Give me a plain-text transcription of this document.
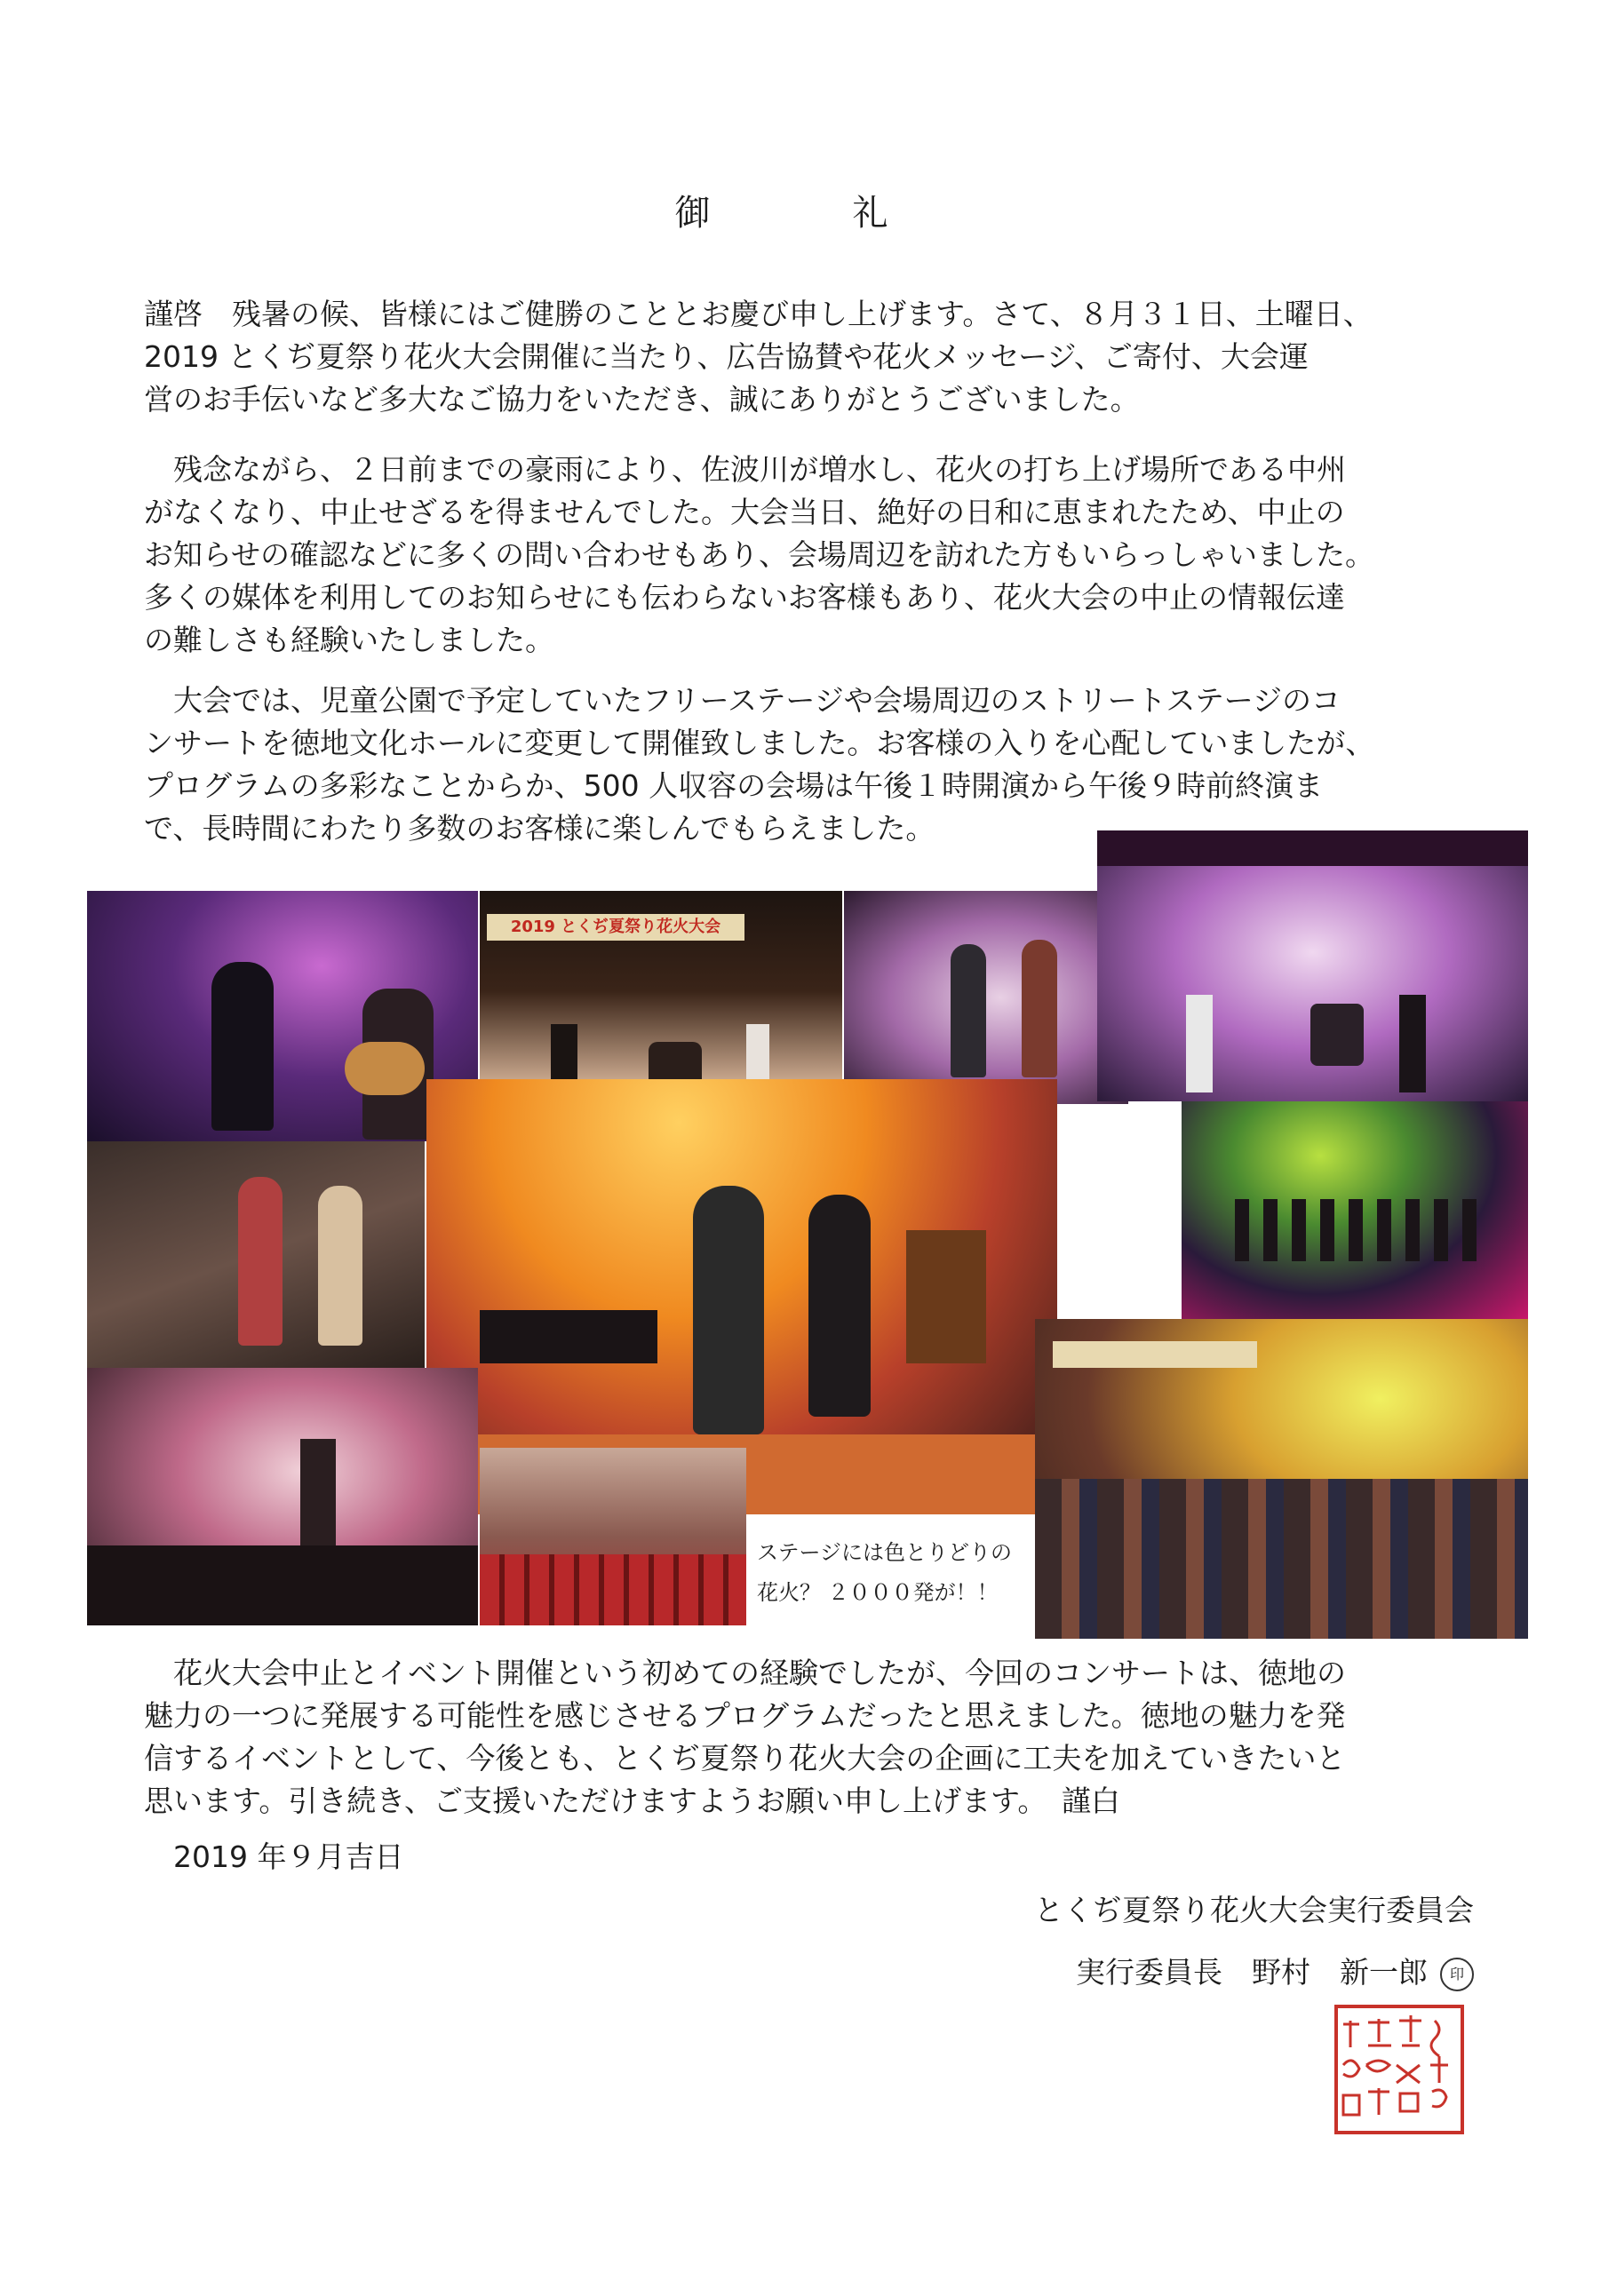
御　礼

謹啓　残暑の候、皆様にはご健勝のこととお慶び申し上げます。さて、８月３１日、土曜日、
2019 とくぢ夏祭り花火大会開催に当たり、広告協賛や花火メッセージ、ご寄付、大会運
営のお手伝いなど多大なご協力をいただき、誠にありがとうございました。

　残念ながら、２日前までの豪雨により、佐波川が増水し、花火の打ち上げ場所である中州
がなくなり、中止せざるを得ませんでした。大会当日、絶好の日和に恵まれたため、中止の
お知らせの確認などに多くの問い合わせもあり、会場周辺を訪れた方もいらっしゃいました。
多くの媒体を利用してのお知らせにも伝わらないお客様もあり、花火大会の中止の情報伝達
の難しさも経験いたしました。

　大会では、児童公園で予定していたフリーステージや会場周辺のストリートステージのコ
ンサートを徳地文化ホールに変更して開催致しました。お客様の入りを心配していましたが、
プログラムの多彩なことからか、500 人収容の会場は午後１時開演から午後９時前終演ま
で、長時間にわたり多数のお客様に楽しんでもらえました。

2019 とくぢ夏祭り花火大会
ステージには色とりどりの
花火？ ２０００発が！！

　花火大会中止とイベント開催という初めての経験でしたが、今回のコンサートは、徳地の
魅力の一つに発展する可能性を感じさせるプログラムだったと思えました。徳地の魅力を発
信するイベントとして、今後とも、とくぢ夏祭り花火大会の企画に工夫を加えていきたいと
思います。引き続き、ご支援いただけますようお願い申し上げます。　謹白

2019 年９月吉日
とくぢ夏祭り花火大会実行委員会
実行委員長　野村　新一郎 印
